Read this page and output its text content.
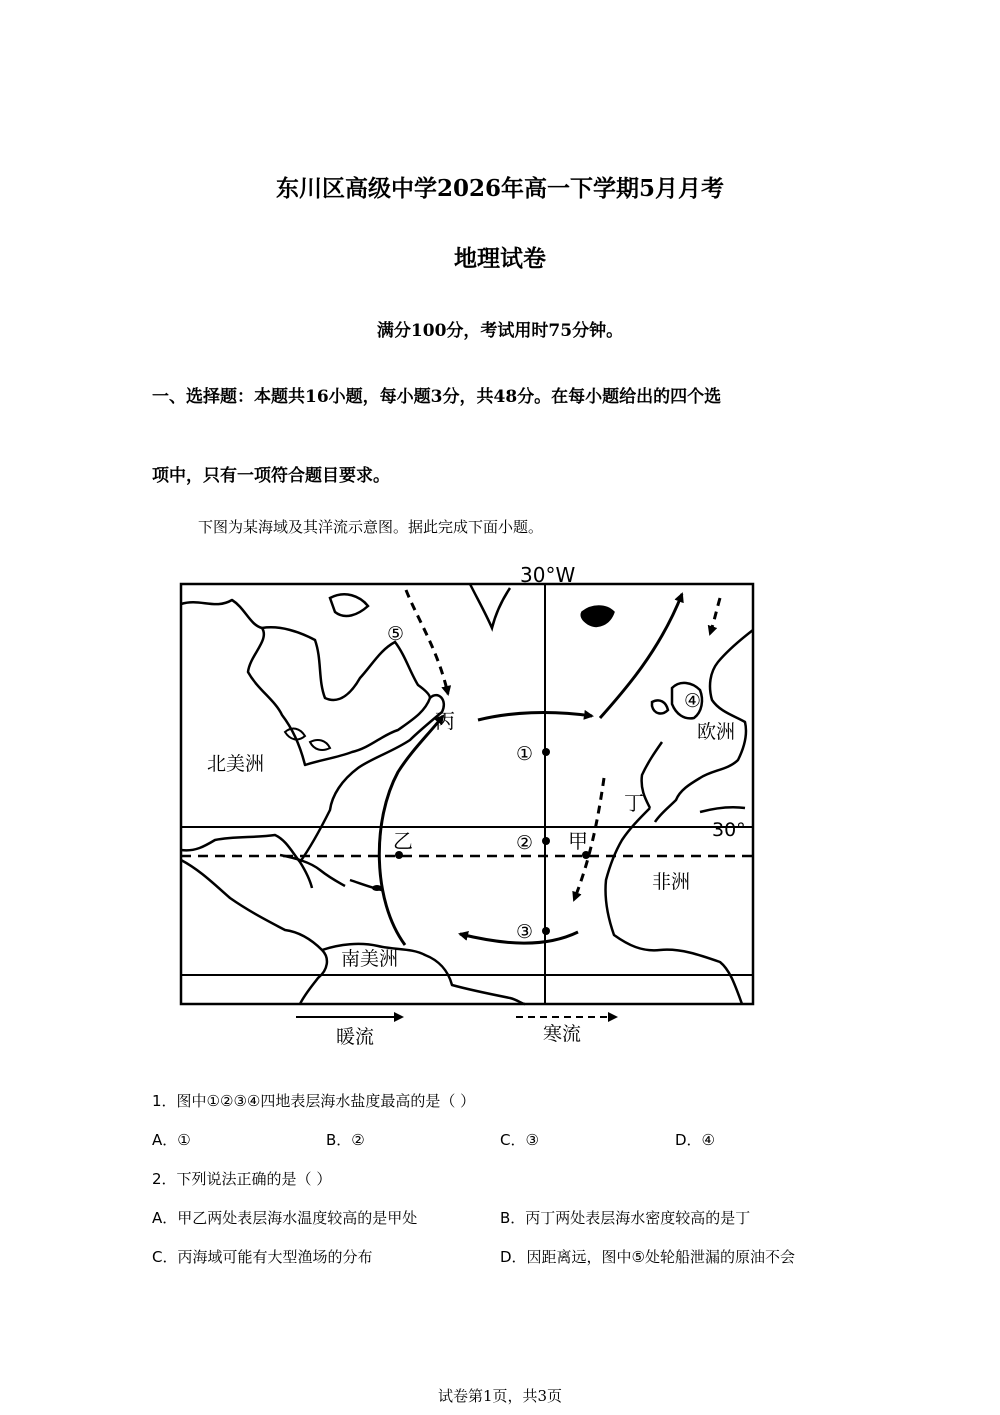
东川区高级中学2026年高一下学期5月月考
地理试卷
满分100分，考试用时75分钟。
一、选择题：本题共16小题，每小题3分，共48分。在每小题给出的四个选
项中，只有一项符合题目要求。
下图为某海域及其洋流示意图。据此完成下面小题。
30°W
30°
北美洲
欧洲
非洲
南美洲
丙
乙	甲
丁
①
②
③
④
⑤
暖流	寒流
1．图中①②③④四地表层海水盐度最高的是（ ）
A．①	B．②	C．③	D．④
2．下列说法正确的是（ ）
A．甲乙两处表层海水温度较高的是甲处	B．丙丁两处表层海水密度较高的是丁
C．丙海域可能有大型渔场的分布	D．因距离远，图中⑤处轮船泄漏的原油不会
试卷第1页，共3页
